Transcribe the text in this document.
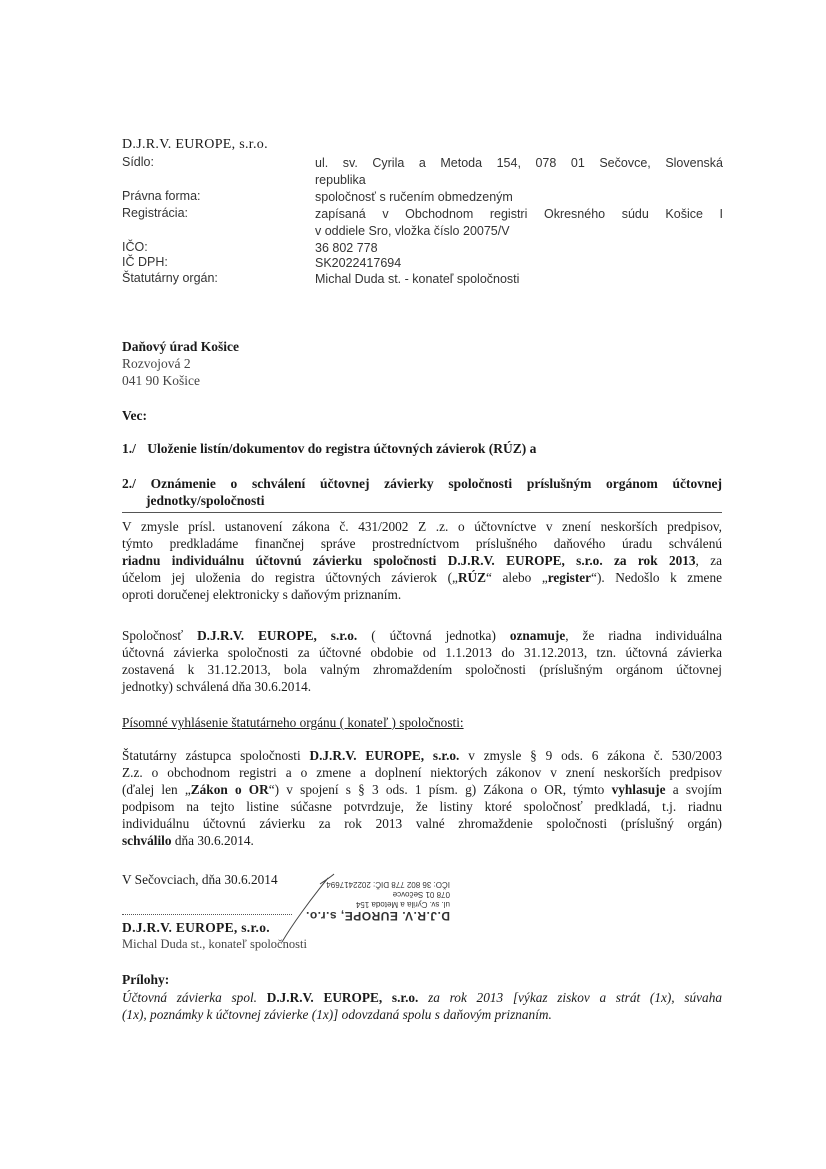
D.J.R.V. EUROPE, s.r.o.
Sídlo:	ul. sv. Cyrila a Metoda 154, 078 01 Sečovce, Slovenská
republika
Právna forma:	spoločnosť s ručením obmedzeným
Registrácia:	zapísaná v Obchodnom registri Okresného súdu Košice I
v oddiele Sro, vložka číslo 20075/V
IČO:	36 802 778
IČ DPH:	SK2022417694
Štatutárny orgán:	Michal Duda st. - konateľ spoločnosti
Daňový úrad Košice
Rozvojová 2
041 90 Košice
Vec:
1./ Uloženie listín/dokumentov do registra účtovných závierok (RÚZ) a
2./ Oznámenie o schválení účtovnej závierky spoločnosti príslušným orgánom účtovnej
jednotky/spoločnosti
V zmysle prísl. ustanovení zákona č. 431/2002 Z .z. o účtovníctve v znení neskorších predpisov,
týmto predkladáme finančnej správe prostredníctvom príslušného daňového úradu schválenú
riadnu individuálnu účtovnú závierku spoločnosti D.J.R.V. EUROPE, s.r.o. za rok 2013, za
účelom jej uloženia do registra účtovných závierok („RÚZ“ alebo „register“). Nedošlo k zmene
oproti doručenej elektronicky s daňovým priznaním.
Spoločnosť D.J.R.V. EUROPE, s.r.o. ( účtovná jednotka) oznamuje, že riadna individuálna
účtovná závierka spoločnosti za účtovné obdobie od 1.1.2013 do 31.12.2013, tzn. účtovná závierka
zostavená k 31.12.2013, bola valným zhromaždením spoločnosti (príslušným orgánom účtovnej
jednotky) schválená dňa 30.6.2014.
Písomné vyhlásenie štatutárneho orgánu ( konateľ ) spoločnosti:
Štatutárny zástupca spoločnosti D.J.R.V. EUROPE, s.r.o. v zmysle § 9 ods. 6 zákona č. 530/2003
Z.z. o obchodnom registri a o zmene a doplnení niektorých zákonov v znení neskorších predpisov
(ďalej len „Zákon o OR“) v spojení s § 3 ods. 1 písm. g) Zákona o OR, týmto vyhlasuje a svojím
podpisom na tejto listine súčasne potvrdzuje, že listiny ktoré spoločnosť predkladá, t.j. riadnu
individuálnu účtovnú závierku za rok 2013 valné zhromaždenie spoločnosti (príslušný orgán)
schválilo dňa 30.6.2014.
V Sečovciach, dňa 30.6.2014
D.J.R.V. EUROPE, s.r.o.
ul. sv. Cyrila a Metoda 154
078 01 Sečovce
IČO: 36 802 778 DIČ: 2022417694
D.J.R.V. EUROPE, s.r.o.
Michal Duda st., konateľ spoločnosti
Prílohy:
Účtovná závierka spol. D.J.R.V. EUROPE, s.r.o. za rok 2013 [výkaz ziskov a strát (1x), súvaha
(1x), poznámky k účtovnej závierke (1x)] odovzdaná spolu s daňovým priznaním.
